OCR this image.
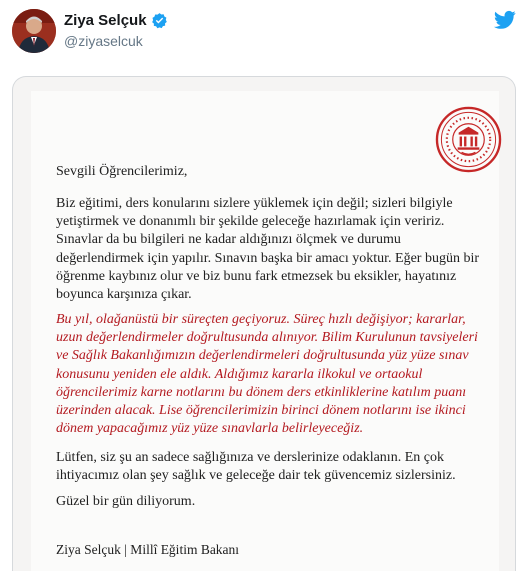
Ziya Selçuk
@ziyaselcuk
Sevgili Öğrencilerimiz,
Biz eğitimi, ders konularını sizlere yüklemek için değil; sizleri bilgiyle yetiştirmek ve donanımlı bir şekilde geleceğe hazırlamak için veririz. Sınavlar da bu bilgileri ne kadar aldığınızı ölçmek ve durumu değerlendirmek için yapılır. Sınavın başka bir amacı yoktur. Eğer bugün bir öğrenme kaybınız olur ve biz bunu fark etmezsek bu eksikler, hayatınız boyunca karşınıza çıkar.
Bu yıl, olağanüstü bir süreçten geçiyoruz. Süreç hızlı değişiyor; kararlar, uzun değerlendirmeler doğrultusunda alınıyor. Bilim Kurulunun tavsiyeleri ve Sağlık Bakanlığımızın değerlendirmeleri doğrultusunda yüz yüze sınav konusunu yeniden ele aldık. Aldığımız kararla ilkokul ve ortaokul öğrencilerimiz karne notlarını bu dönem ders etkinliklerine katılım puanı üzerinden alacak. Lise öğrencilerimizin birinci dönem notlarını ise ikinci dönem yapacağımız yüz yüze sınavlarla belirleyeceğiz.
Lütfen, siz şu an sadece sağlığınıza ve derslerinize odaklanın. En çok ihtiyacımız olan şey sağlık ve geleceğe dair tek güvencemiz sizlersiniz.
Güzel bir gün diliyorum.
Ziya Selçuk | Millî Eğitim Bakanı
